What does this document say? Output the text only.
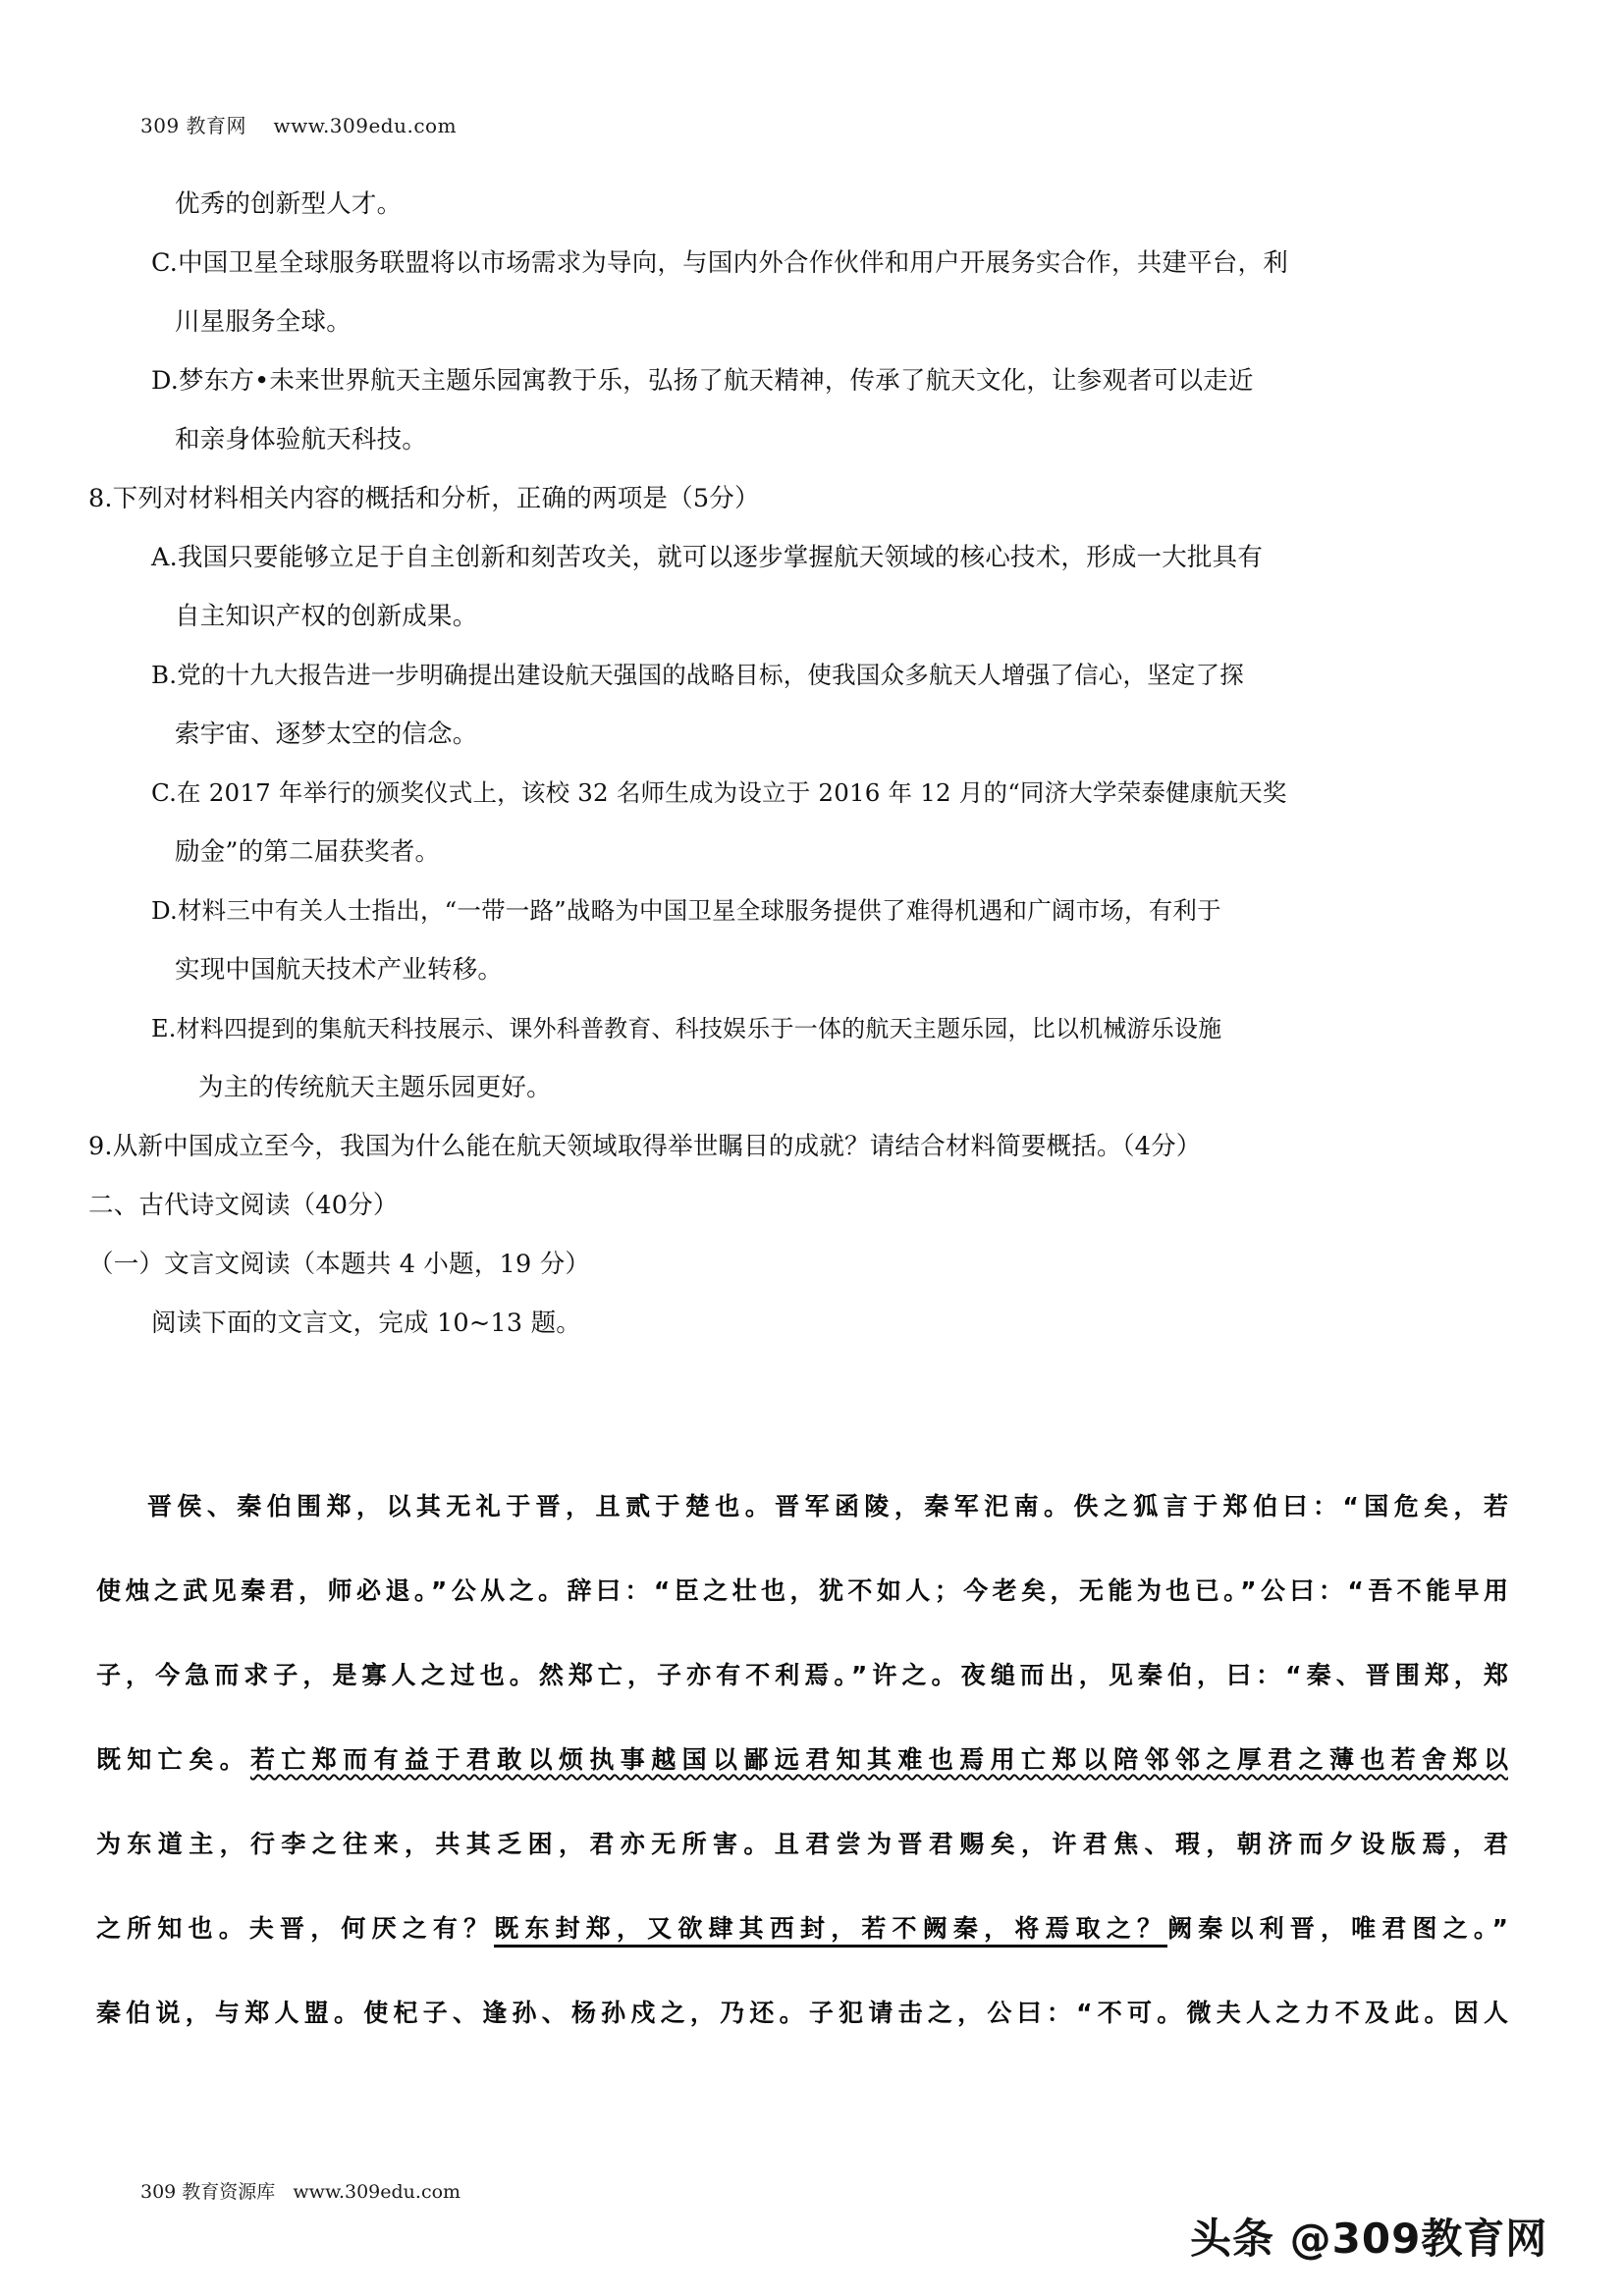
309 教育网    www.309edu.com
优秀的创新型人才。
C.中国卫星全球服务联盟将以市场需求为导向，与国内外合作伙伴和用户开展务实合作，共建平台，利
川星服务全球。
D.梦东方•未来世界航天主题乐园寓教于乐，弘扬了航天精神，传承了航天文化，让参观者可以走近
和亲身体验航天科技。
8.下列对材料相关内容的概括和分析，正确的两项是（5分）
A.我国只要能够立足于自主创新和刻苦攻关，就可以逐步掌握航天领域的核心技术，形成一大批具有
自主知识产权的创新成果。
B.党的十九大报告进一步明确提出建设航天强国的战略目标，使我国众多航天人增强了信心，坚定了探
索宇宙、逐梦太空的信念。
C.在 2017 年举行的颁奖仪式上，该校 32 名师生成为设立于 2016 年 12 月的“同济大学荣泰健康航天奖
励金”的第二届获奖者。
D.材料三中有关人士指出，“一带一路”战略为中国卫星全球服务提供了难得机遇和广阔市场，有利于
实现中国航天技术产业转移。
E.材料四提到的集航天科技展示、课外科普教育、科技娱乐于一体的航天主题乐园，比以机械游乐设施
为主的传统航天主题乐园更好。
9.从新中国成立至今，我国为什么能在航天领域取得举世瞩目的成就？请结合材料简要概括。（4分）
二、古代诗文阅读（40分）
（一）文言文阅读（本题共 4 小题，19 分）
阅读下面的文言文，完成 10~13 题。
晋侯、秦伯围郑，以其无礼于晋，且贰于楚也。晋军函陵，秦军汜南。佚之狐言于郑伯曰：“国危矣，若
使烛之武见秦君，师必退。”公从之。辞曰：“臣之壮也，犹不如人；今老矣，无能为也已。”公曰：“吾不能早用
子，今急而求子，是寡人之过也。然郑亡，子亦有不利焉。”许之。夜缒而出，见秦伯，曰：“秦、晋围郑，郑
既知亡矣。若亡郑而有益于君敢以烦执事越国以鄙远君知其难也焉用亡郑以陪邻邻之厚君之薄也若舍郑以
为东道主，行李之往来，共其乏困，君亦无所害。且君尝为晋君赐矣，许君焦、瑕，朝济而夕设版焉，君
之所知也。夫晋，何厌之有？既东封郑，又欲肆其西封，若不阙秦，将焉取之？阙秦以利晋，唯君图之。”
秦伯说，与郑人盟。使杞子、逢孙、杨孙戍之，乃还。子犯请击之，公曰：“不可。微夫人之力不及此。因人
309 教育资源库   www.309edu.com
头条 @309教育网
